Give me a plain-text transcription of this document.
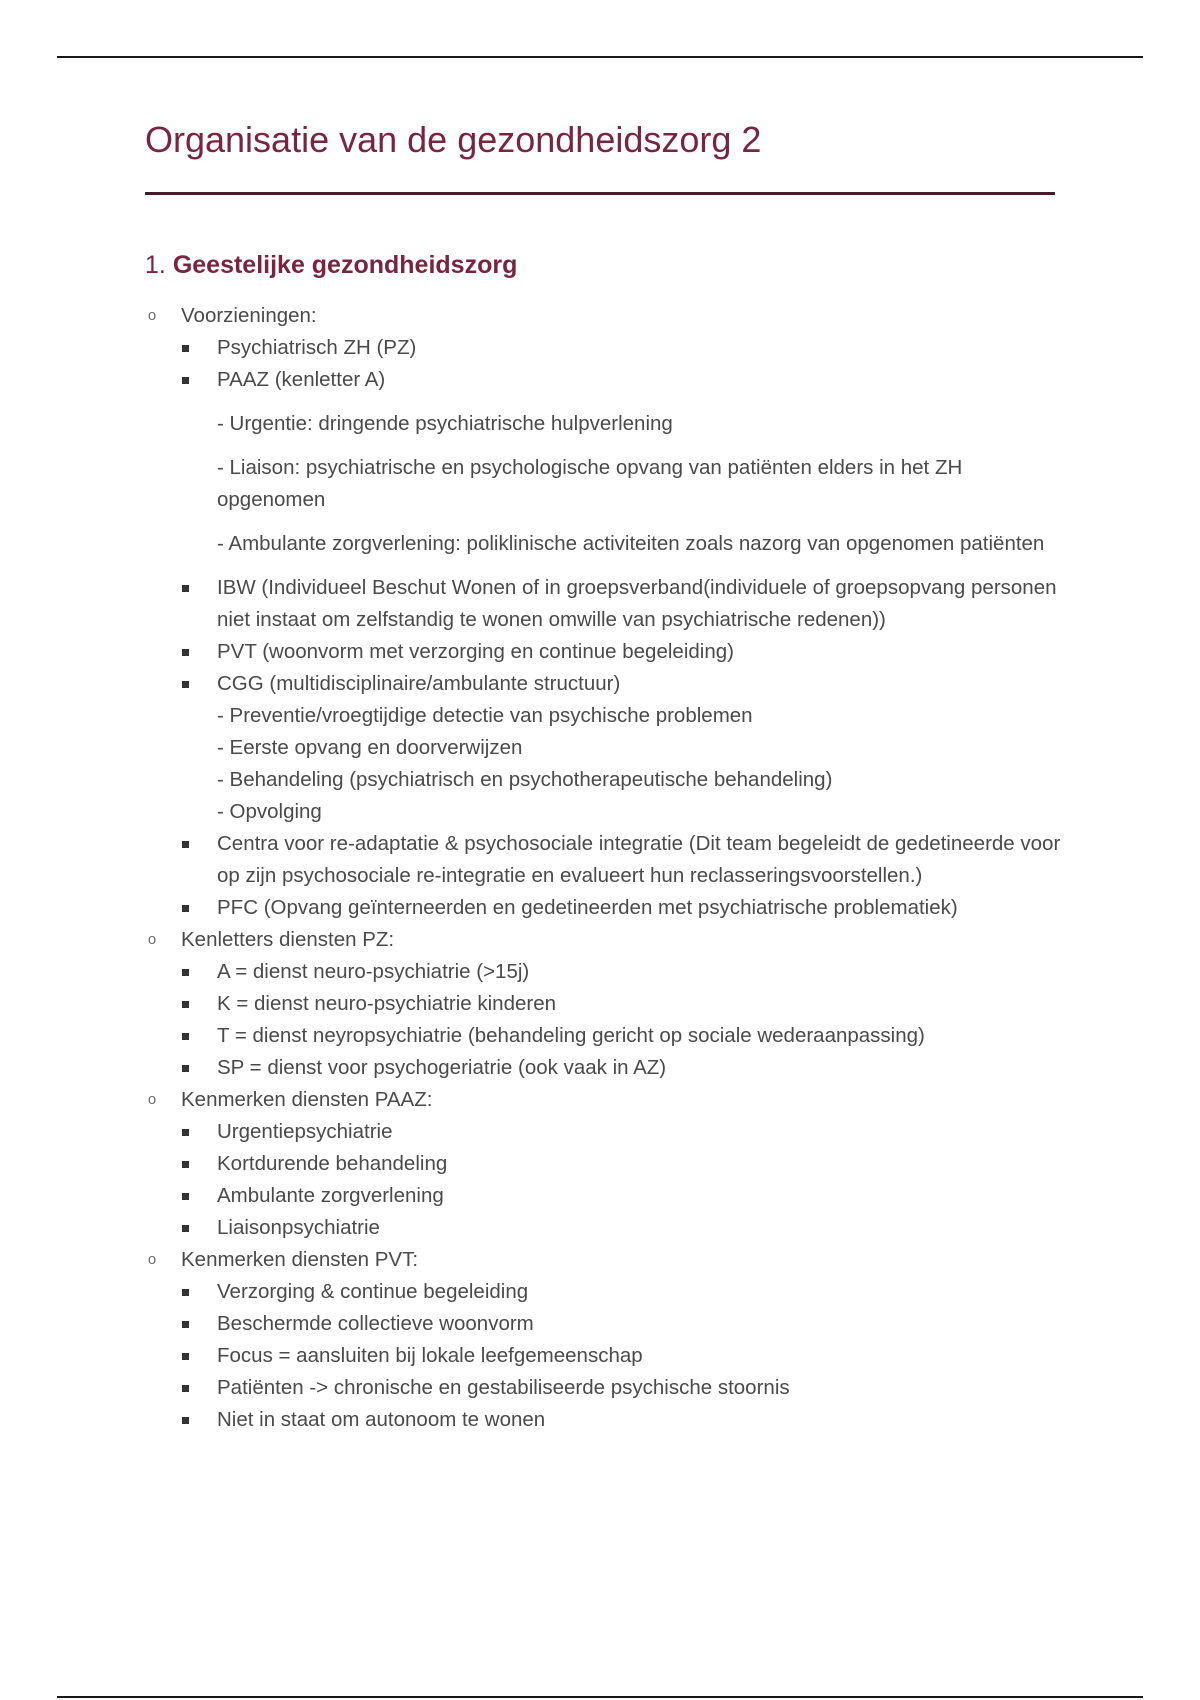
Organisatie van de gezondheidszorg 2
1. Geestelijke gezondheidszorg
o Voorzieningen:
Psychiatrisch ZH (PZ)
PAAZ (kenletter A)
- Urgentie: dringende psychiatrische hulpverlening
- Liaison: psychiatrische en psychologische opvang van patiënten elders in het ZH opgenomen
- Ambulante zorgverlening: poliklinische activiteiten zoals nazorg van opgenomen patiënten
IBW (Individueel Beschut Wonen of in groepsverband(individuele of groepsopvang personen niet instaat om zelfstandig te wonen omwille van psychiatrische redenen))
PVT (woonvorm met verzorging en continue begeleiding)
CGG (multidisciplinaire/ambulante structuur)
- Preventie/vroegtijdige detectie van psychische problemen
- Eerste opvang en doorverwijzen
- Behandeling (psychiatrisch en psychotherapeutische behandeling)
- Opvolging
Centra voor re-adaptatie & psychosociale integratie (Dit team begeleidt de gedetineerde voor op zijn psychosociale re-integratie en evalueert hun reclasseringsvoorstellen.)
PFC (Opvang geïnterneerden en gedetineerden met psychiatrische problematiek)
o Kenletters diensten PZ:
A = dienst neuro-psychiatrie (>15j)
K = dienst neuro-psychiatrie kinderen
T = dienst neyropsychiatrie (behandeling gericht op sociale wederaanpassing)
SP = dienst voor psychogeriatrie (ook vaak in AZ)
o Kenmerken diensten PAAZ:
Urgentiepsychiatrie
Kortdurende behandeling
Ambulante zorgverlening
Liaisonpsychiatrie
o Kenmerken diensten PVT:
Verzorging & continue begeleiding
Beschermde collectieve woonvorm
Focus = aansluiten bij lokale leefgemeenschap
Patiënten -> chronische en gestabiliseerde psychische stoornis
Niet in staat om autonoom te wonen
